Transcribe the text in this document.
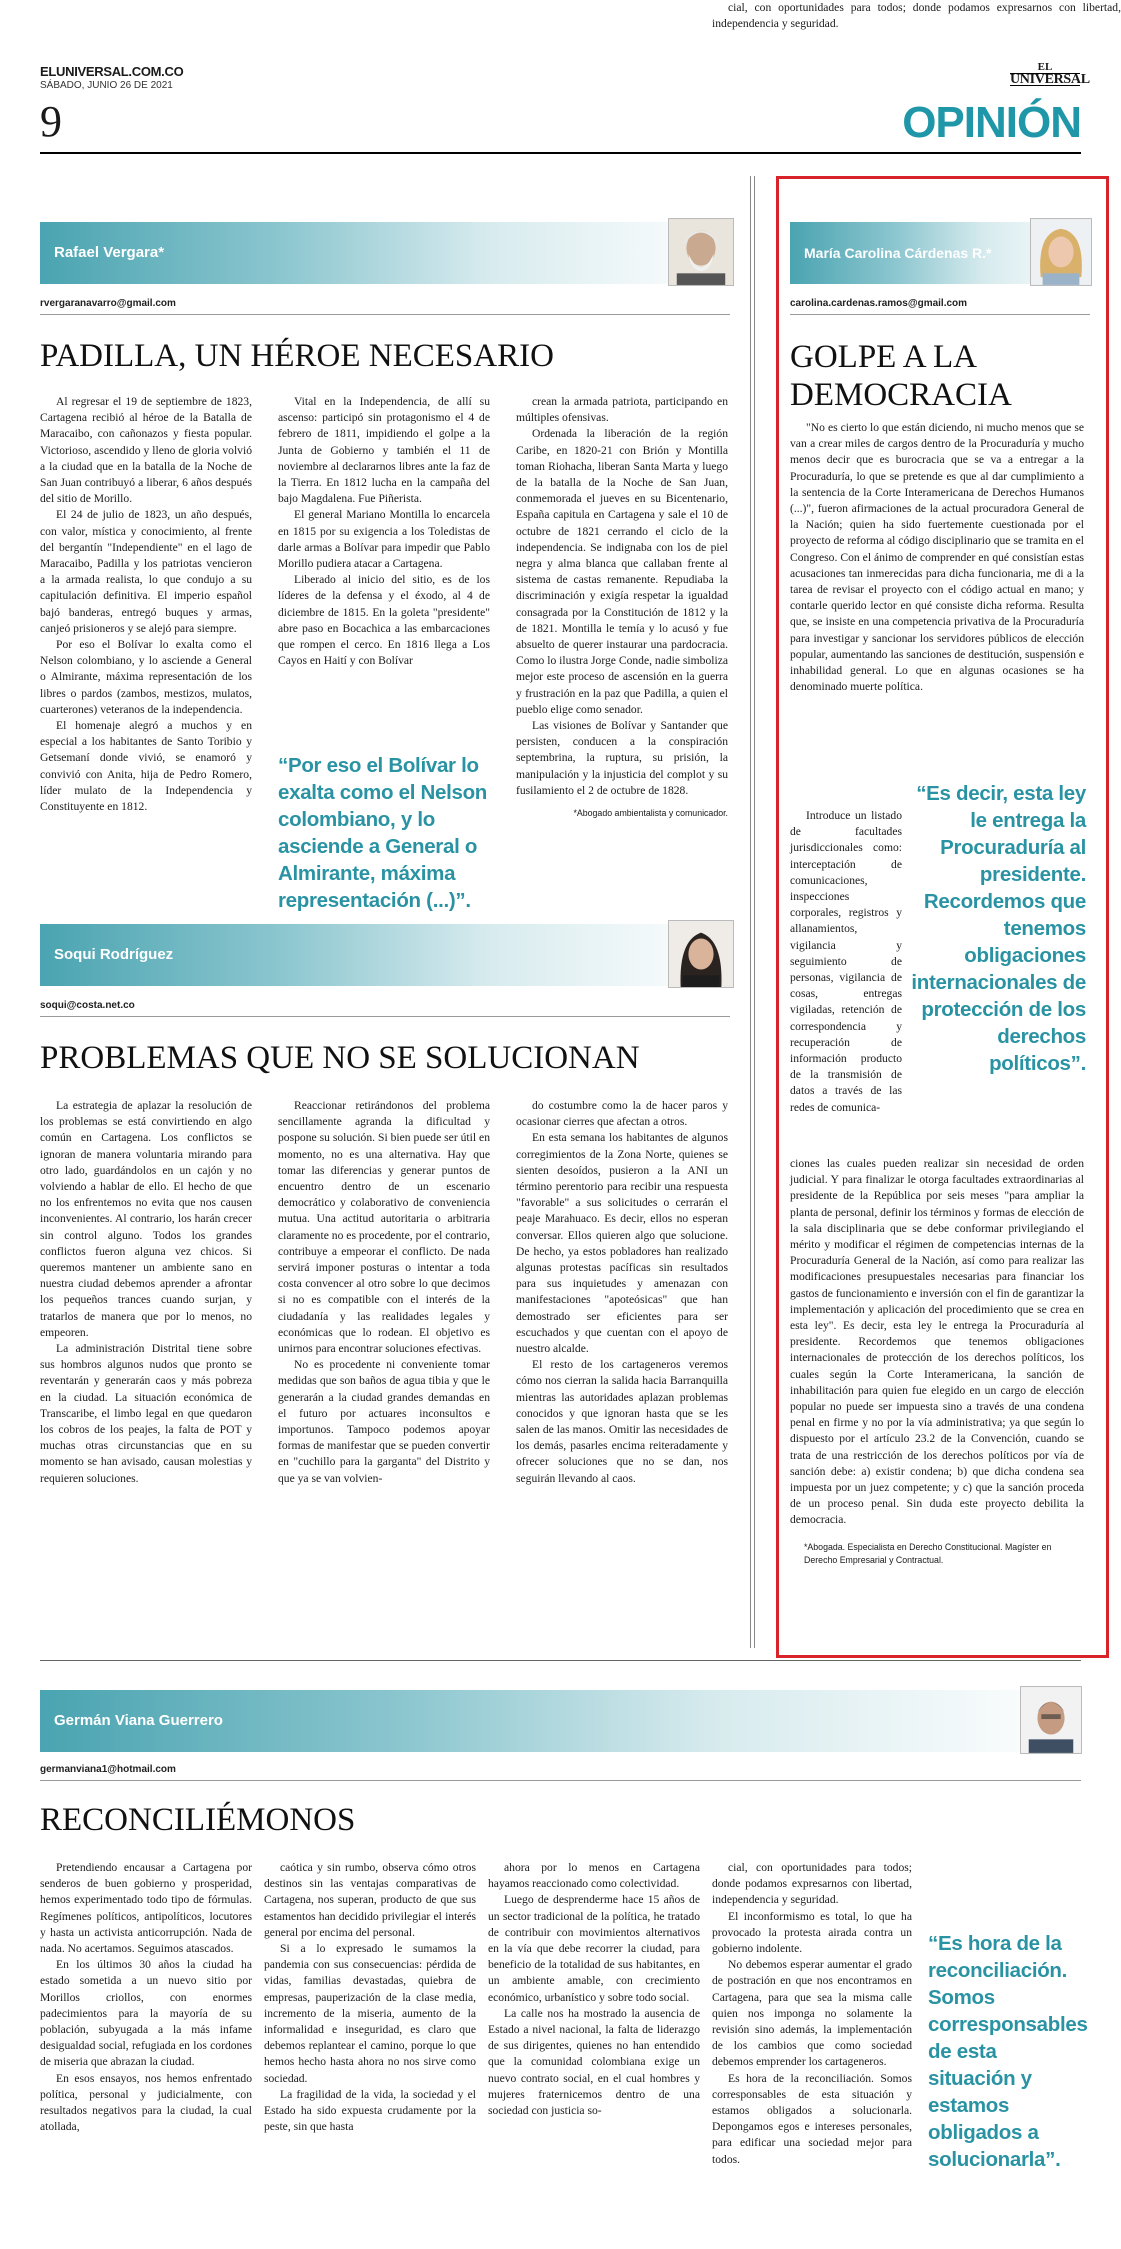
ELUNIVERSAL.COM.CO
SÁBADO, JUNIO 26 DE 2021
9
EL
UNIVERSAL
OPINIÓN
Rafael Vergara*
rvergaranavarro@gmail.com
PADILLA, UN HÉROE NECESARIO

Al regresar el 19 de septiembre de 1823, Cartagena recibió al héroe de la Batalla de Maracaibo, con cañonazos y fiesta popular. Victorioso, ascendido y lleno de gloria volvió a la ciudad que en la batalla de la Noche de San Juan contribuyó a liberar, 6 años después del sitio de Morillo.

El 24 de julio de 1823, un año después, con valor, mística y conocimiento, al frente del bergantín "Independiente" en el lago de Maracaibo, Padilla y los patriotas vencieron a la armada realista, lo que condujo a su capitulación definitiva. El imperio español bajó banderas, entregó buques y armas, canjeó prisioneros y se alejó para siempre.

Por eso el Bolívar lo exalta como el Nelson colombiano, y lo asciende a General o Almirante, máxima representación de los libres o pardos (zambos, mestizos, mulatos, cuarterones) veteranos de la independencia.

El homenaje alegró a muchos y en especial a los habitantes de Santo Toribio y Getsemaní donde vivió, se enamoró y convivió con Anita, hija de Pedro Romero, líder mulato de la Independencia y Constituyente en 1812.

Vital en la Independencia, de allí su ascenso: participó sin protagonismo el 4 de febrero de 1811, impidiendo el golpe a la Junta de Gobierno y también el 11 de noviembre al declararnos libres ante la faz de la Tierra. En 1812 lucha en la campaña del bajo Magdalena. Fue Piñerista.

El general Mariano Montilla lo encarcela en 1815 por su exigencia a los Toledistas de darle armas a Bolívar para impedir que Pablo Morillo pudiera atacar a Cartagena.

Liberado al inicio del sitio, es de los líderes de la defensa y el éxodo, al 4 de diciembre de 1815. En la goleta "presidente" abre paso en Bocachica a las embarcaciones que rompen el cerco. En 1816 llega a Los Cayos en Haití y con Bolívar

“Por eso el Bolívar lo exalta como el Nelson colombiano, y lo asciende a General o Almirante, máxima representación (...)”.

crean la armada patriota, participando en múltiples ofensivas.

Ordenada la liberación de la región Caribe, en 1820-21 con Brión y Montilla toman Riohacha, liberan Santa Marta y luego de la batalla de la Noche de San Juan, conmemorada el jueves en su Bicentenario, España capitula en Cartagena y sale el 10 de octubre de 1821 cerrando el ciclo de la independencia. Se indignaba con los de piel negra y alma blanca que callaban frente al sistema de castas remanente. Repudiaba la discriminación y exigía respetar la igualdad consagrada por la Constitución de 1812 y la de 1821. Montilla le temía y lo acusó y fue absuelto de querer instaurar una pardocracia. Como lo ilustra Jorge Conde, nadie simboliza mejor este proceso de ascensión en la guerra y frustración en la paz que Padilla, a quien el pueblo elige como senador.

Las visiones de Bolívar y Santander que persisten, conducen a la conspiración septembrina, la ruptura, su prisión, la manipulación y la injusticia del complot y su fusilamiento el 2 de octubre de 1828.

*Abogado ambientalista y comunicador.

Soqui Rodríguez
soqui@costa.net.co
PROBLEMAS QUE NO SE SOLUCIONAN

La estrategia de aplazar la resolución de los problemas se está convirtiendo en algo común en Cartagena. Los conflictos se ignoran de manera voluntaria mirando para otro lado, guardándolos en un cajón y no volviendo a hablar de ello. El hecho de que no los enfrentemos no evita que nos causen inconvenientes. Al contrario, los harán crecer sin control alguno. Todos los grandes conflictos fueron alguna vez chicos. Si queremos mantener un ambiente sano en nuestra ciudad debemos aprender a afrontar los pequeños trances cuando surjan, y tratarlos de manera que por lo menos, no empeoren.

La administración Distrital tiene sobre sus hombros algunos nudos que pronto se reventarán y generarán caos y más pobreza en la ciudad. La situación económica de Transcaribe, el limbo legal en que quedaron los cobros de los peajes, la falta de POT y muchas otras circunstancias que en su momento se han avisado, causan molestias y requieren soluciones.

Reaccionar retirándonos del problema sencillamente agranda la dificultad y pospone su solución. Si bien puede ser útil en momento, no es una alternativa. Hay que tomar las diferencias y generar puntos de encuentro dentro de un escenario democrático y colaborativo de conveniencia mutua. Una actitud autoritaria o arbitraria claramente no es procedente, por el contrario, contribuye a empeorar el conflicto. De nada servirá imponer posturas o intentar a toda costa convencer al otro sobre lo que decimos si no es compatible con el interés de la ciudadanía y las realidades legales y económicas que lo rodean. El objetivo es unirnos para encontrar soluciones efectivas.

No es procedente ni conveniente tomar medidas que son baños de agua tibia y que le generarán a la ciudad grandes demandas en el futuro por actuares inconsultos e importunos. Tampoco podemos apoyar formas de manifestar que se pueden convertir en "cuchillo para la garganta" del Distrito y que ya se van volvien-

do costumbre como la de hacer paros y ocasionar cierres que afectan a otros.

En esta semana los habitantes de algunos corregimientos de la Zona Norte, quienes se sienten desoídos, pusieron a la ANI un término perentorio para recibir una respuesta "favorable" a sus solicitudes o cerrarán el peaje Marahuaco. Es decir, ellos no esperan conversar. Ellos quieren algo que solucione. De hecho, ya estos pobladores han realizado algunas protestas pacíficas sin resultados para sus inquietudes y amenazan con manifestaciones "apoteósicas" que han demostrado ser eficientes para ser escuchados y que cuentan con el apoyo de nuestro alcalde.

El resto de los cartageneros veremos cómo nos cierran la salida hacia Barranquilla mientras las autoridades aplazan problemas conocidos y que ignoran hasta que se les salen de las manos. Omitir las necesidades de los demás, pasarles encima reiteradamente y ofrecer soluciones que no se dan, nos seguirán llevando al caos.

María Carolina Cárdenas R.*
carolina.cardenas.ramos@gmail.com
GOLPE A LA DEMOCRACIA

"No es cierto lo que están diciendo, ni mucho menos que se van a crear miles de cargos dentro de la Procuraduría y mucho menos decir que es burocracia que se va a entregar a la Procuraduría, lo que se pretende es que al dar cumplimiento a la sentencia de la Corte Interamericana de Derechos Humanos (...)", fueron afirmaciones de la actual procuradora General de la Nación; quien ha sido fuertemente cuestionada por el proyecto de reforma al código disciplinario que se tramita en el Congreso. Con el ánimo de comprender en qué consistían estas acusaciones tan inmerecidas para dicha funcionaria, me di a la tarea de revisar el proyecto con el código actual en mano; y contarle querido lector en qué consiste dicha reforma. Resulta que, se insiste en una competencia privativa de la Procuraduría para investigar y sancionar los servidores públicos de elección popular, aumentando las sanciones de destitución, suspensión e inhabilidad general. Lo que en algunas ocasiones se ha denominado muerte política.

Introduce un listado de facultades jurisdiccionales como: interceptación de comunicaciones, inspecciones corporales, registros y allanamientos, vigilancia y seguimiento de personas, vigilancia de cosas, entregas vigiladas, retención de correspondencia y recuperación de información producto de la transmisión de datos a través de las redes de comunica-
“Es decir, esta ley le entrega la Procuraduría al presidente. Recordemos que tenemos obligaciones internacionales de protección de los derechos políticos”.

ciones las cuales pueden realizar sin necesidad de orden judicial. Y para finalizar le otorga facultades extraordinarias al presidente de la República por seis meses "para ampliar la planta de personal, definir los términos y formas de elección de la sala disciplinaria que se debe conformar privilegiando el mérito y modificar el régimen de competencias internas de la Procuraduría General de la Nación, así como para realizar las modificaciones presupuestales necesarias para financiar los gastos de funcionamiento e inversión con el fin de garantizar la implementación y aplicación del procedimiento que se crea en esta ley". Es decir, esta ley le entrega la Procuraduría al presidente. Recordemos que tenemos obligaciones internacionales de protección de los derechos políticos, los cuales según la Corte Interamericana, la sanción de inhabilitación para quien fue elegido en un cargo de elección popular no puede ser impuesta sino a través de una condena penal en firme y no por la vía administrativa; ya que según lo dispuesto por el artículo 23.2 de la Convención, cuando se trata de una restricción de los derechos políticos por vía de sanción debe: a) existir condena; b) que dicha condena sea impuesta por un juez competente; y c) que la sanción proceda de un proceso penal. Sin duda este proyecto debilita la democracia.

*Abogada. Especialista en Derecho Constitucional. Magíster en Derecho Empresarial y Contractual.

Germán Viana Guerrero
germanviana1@hotmail.com
RECONCILIÉMONOS

Pretendiendo encausar a Cartagena por senderos de buen gobierno y prosperidad, hemos experimentado todo tipo de fórmulas. Regímenes políticos, antipolíticos, locutores y hasta un activista anticorrupción. Nada de nada. No acertamos. Seguimos atascados.

En los últimos 30 años la ciudad ha estado sometida a un nuevo sitio por Morillos criollos, con enormes padecimientos para la mayoría de su población, subyugada a la más infame desigualdad social, refugiada en los cordones de miseria que abrazan la ciudad.

En esos ensayos, nos hemos enfrentado política, personal y judicialmente, con resultados negativos para la ciudad, la cual atollada,

caótica y sin rumbo, observa cómo otros destinos sin las ventajas comparativas de Cartagena, nos superan, producto de que sus estamentos han decidido privilegiar el interés general por encima del personal.

Si a lo expresado le sumamos la pandemia con sus consecuencias: pérdida de vidas, familias devastadas, quiebra de empresas, pauperización de la clase media, incremento de la miseria, aumento de la informalidad e inseguridad, es claro que debemos replantear el camino, porque lo que hemos hecho hasta ahora no nos sirve como sociedad.

La fragilidad de la vida, la sociedad y el Estado ha sido expuesta crudamente por la peste, sin que hasta

ahora por lo menos en Cartagena hayamos reaccionado como colectividad.

Luego de desprenderme hace 15 años de un sector tradicional de la política, he tratado de contribuir con movimientos alternativos en la vía que debe recorrer la ciudad, para beneficio de la totalidad de sus habitantes, en un ambiente amable, con crecimiento económico, urbanístico y sobre todo social.

La calle nos ha mostrado la ausencia de Estado a nivel nacional, la falta de liderazgo de sus dirigentes, quienes no han entendido que la comunidad colombiana exige un nuevo contrato social, en el cual hombres y mujeres fraternicemos dentro de una sociedad con justicia so-

cial, con oportunidades para todos; donde podamos expresarnos con libertad, independencia y seguridad.

cial, con oportunidades para todos; donde podamos expresarnos con libertad, independencia y seguridad.

El inconformismo es total, lo que ha provocado la protesta airada contra un gobierno indolente.

No debemos esperar aumentar el grado de postración en que nos encontramos en Cartagena, para que sea la misma calle quien nos imponga no solamente la revisión sino además, la implementación de los cambios que como sociedad debemos emprender los cartageneros.

Es hora de la reconciliación. Somos corresponsables de esta situación y estamos obligados a solucionarla. Depongamos egos e intereses personales, para edificar una sociedad mejor para todos.

“Es hora de la reconciliación. Somos corresponsables de esta situación y estamos obligados a solucionarla”.
